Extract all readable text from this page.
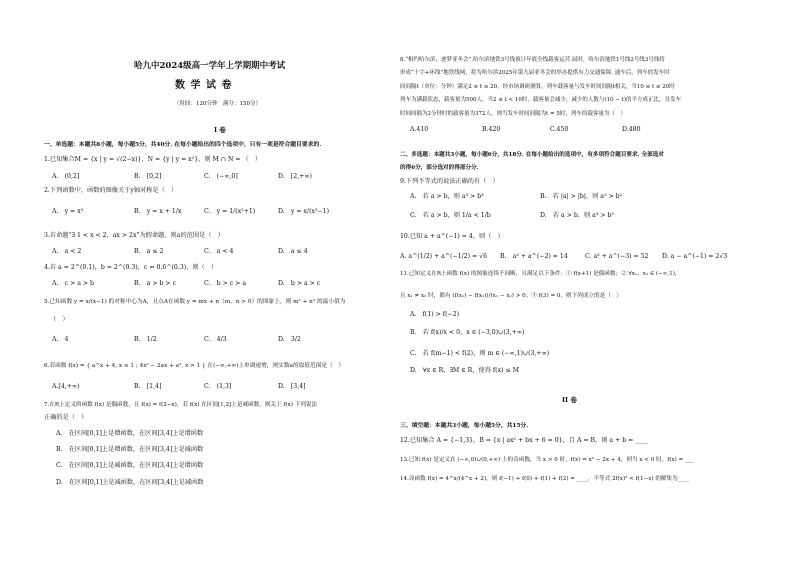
哈九中2024级高一学年上学期期中考试
数 学 试 卷
（时间：120分钟　满分：150分）
I 卷
一、单选题：本题共8小题，每小题5分，共40分. 在每小题给出的四个选项中，只有一项是符合题目要求的.
1.已知集合M = {x | y = √(2−x)}，N = {y | y = x²}，则 M ∩ N = （　）
A.　(0,2]	B.　[0,2]	C.　(−∞,0]	D.　[2,+∞)
2.下列函数中，函数的图像关于y轴对称是（　）
A.　y = x³	B.　y = x + 1/x	C.　y = 1/(x²+1)	D.　y = x/(x²−1)
3.若命题“∃ 1 < x < 2，ax > 2x”为假命题，则a的范围是（　）
A.　a < 2	B.　a ≤ 2	C.　a < 4	D.　a ≤ 4
4.若 a = 2^(0.1)，b = 2^(0.3)，c = 0.6^(0.3)，则（　）
A.　c > a > b	B.　a > b > c	C.　b > c > a	D.　b > a > c
5.已知函数 y = x/(x−1) 的对称中心为A，且点A在函数 y = mx + n（m，n > 0）的图象上，则 m² + n² 的最小值为
（　）
A.　4	B.　1/2	C.　4/3	D.　3/2
6.若函数 f(x) = { a^x + 4, x ≤ 1 ; 4x² − 2ax + a², x > 1 } 在(−∞,+∞)上单调递增，则实数a的取值范围是（　）
A.[4,+∞)	B.　[1,4]	C.　(1,3]	D.　[3,4]
7.在R上定义的函数 f(x) 是偶函数，且 f(x) = f(2−x)，若 f(x) 在区间[1,2]上是减函数，则关于 f(x) 下列说法
正确的是（　）
A.　在区间[0,1]上是增函数，在区间[3,4]上是增函数
B.　在区间[0,1]上是增函数，在区间[3,4]上是减函数
C.　在区间[0,1]上是减函数，在区间[3,4]上是增函数
D.　在区间[0,1]上是减函数，在区间[3,4]上是减函数
8.“相约哈尔滨，逐梦亚冬会”.哈尔滨地铁3号线预计年底全线载客运营.届时，哈尔滨地铁1号线2号线3号线将
形成“十字+环线”地铁线网，将为哈尔滨2025年第九届亚冬会的举办提供有力交通保障. 通车后，列车的发车时
间间隔t（单位：分钟）满足2 ≤ t ≤ 20，经市场调研测算，列车载客量与发车时间间隔t相关，当10 ≤ t ≤ 20时
列车为满载状态，载客量为500人，当2 ≤ t < 10时，载客量会减少，减少的人数与(10 − t)的平方成正比，且发车
时间间隔为2分钟时的载客量为372人，则当发车时间间隔为t = 5时，列车的载客量为（　）
A.410	B.420	C.450	D.480
二、多选题：本题共3小题，每小题6分，共18分. 在每小题给出的选项中，有多项符合题目要求. 全部选对
的得6分，部分选对的得部分分.
9.下列不等式的说法正确的有（　）
A.　若 a > b，则 a³ > b³	B.　若 |a| > |b|，则 a² > b²
C.　若 a > b，则 1/a < 1/b	D.　若 a > b，则 a³ > b³
10.已知 a + a^(−1) = 4，则（　）
A. a^(1/2) + a^(−1/2) = √6 B.　a² + a^(−2) = 14	C. a³ + a^(−3) = 52 D. a − a^(−1) = 2√3
11.已知定义在R上函数 f(x) 的图象连续不间断，且满足以下条件：① f(x+1) 是偶函数；② ∀x₁，x₂ ∈ (−∞,1)，
且 x₁ ≠ x₂ 时，都有 (f(x₁) − f(x₂))/(x₁ − x₂) > 0；③ f(3) = 0，则下列成立的是（　）
A.　f(1) > f(−2)
B.　若 f(x)/x < 0，x ∈ (−3,0)∪(3,+∞)
C.　若 f(m−1) < f(2)，则 m ∈ (−∞,1)∪(3,+∞)
D.　∀x ∈ R，∃M ∈ R，使得 f(x) ≤ M
II 卷
三、填空题：本题共3小题，每小题5分，共15分.
12.已知集合 A = {−1,3}，B = {x | ax² + bx + 6 = 0}，且 A = B，则 a + b = ____
13.已知 f(x) 是定义在 (−∞,0)∪(0,+∞) 上的奇函数，当 x > 0 时，f(x) = x² − 2x + 4，则当 x < 0 时，f(x) = ___
14.设函数 f(x) = 4^x/(4^x + 2)，则 f(−1) + f(0) + f(1) + f(2) = ____，不等式 2f(x)² < f(1−x) 的解集为____
